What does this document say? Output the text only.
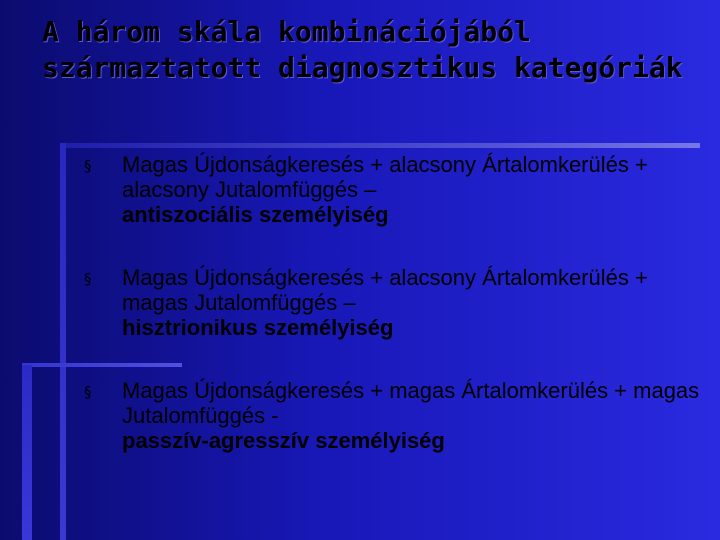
A három skála kombinációjából származtatott diagnosztikus kategóriák
§ Magas Újdonságkeresés + alacsony Ártalomkerülés + alacsony Jutalomfüggés –
antiszociális személyiség
§ Magas Újdonságkeresés + alacsony Ártalomkerülés + magas Jutalomfüggés –
hisztrionikus személyiség
§ Magas Újdonságkeresés + magas Ártalomkerülés + magas Jutalomfüggés -
passzív-agresszív személyiség
